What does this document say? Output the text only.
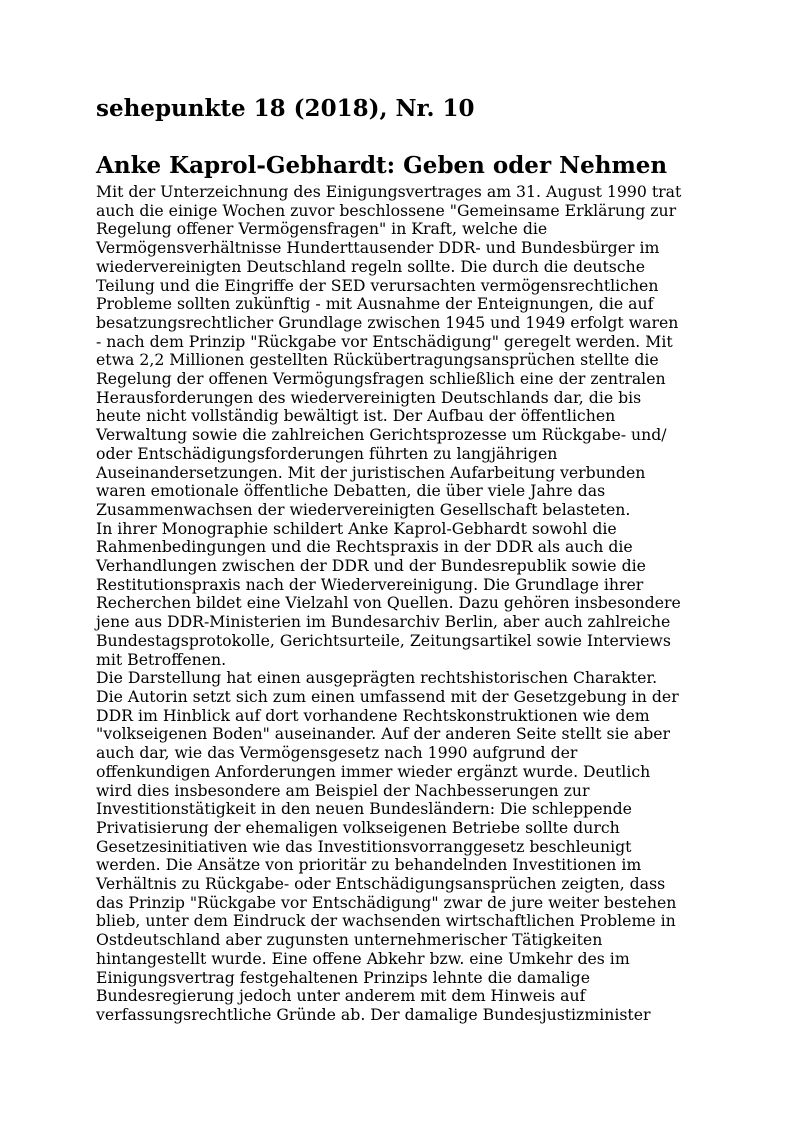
sehepunkte 18 (2018), Nr. 10
Anke Kaprol-Gebhardt: Geben oder Nehmen
Mit der Unterzeichnung des Einigungsvertrages am 31. August 1990 trat
auch die einige Wochen zuvor beschlossene "Gemeinsame Erklärung zur
Regelung offener Vermögensfragen" in Kraft, welche die
Vermögensverhältnisse Hunderttausender DDR- und Bundesbürger im
wiedervereinigten Deutschland regeln sollte. Die durch die deutsche
Teilung und die Eingriffe der SED verursachten vermögensrechtlichen
Probleme sollten zukünftig - mit Ausnahme der Enteignungen, die auf
besatzungsrechtlicher Grundlage zwischen 1945 und 1949 erfolgt waren
- nach dem Prinzip "Rückgabe vor Entschädigung" geregelt werden. Mit
etwa 2,2 Millionen gestellten Rückübertragungsansprüchen stellte die
Regelung der offenen Vermögungsfragen schließlich eine der zentralen
Herausforderungen des wiedervereinigten Deutschlands dar, die bis
heute nicht vollständig bewältigt ist. Der Aufbau der öffentlichen
Verwaltung sowie die zahlreichen Gerichtsprozesse um Rückgabe- und/
oder Entschädigungsforderungen führten zu langjährigen
Auseinandersetzungen. Mit der juristischen Aufarbeitung verbunden
waren emotionale öffentliche Debatten, die über viele Jahre das
Zusammenwachsen der wiedervereinigten Gesellschaft belasteten.
In ihrer Monographie schildert Anke Kaprol-Gebhardt sowohl die
Rahmenbedingungen und die Rechtspraxis in der DDR als auch die
Verhandlungen zwischen der DDR und der Bundesrepublik sowie die
Restitutionspraxis nach der Wiedervereinigung. Die Grundlage ihrer
Recherchen bildet eine Vielzahl von Quellen. Dazu gehören insbesondere
jene aus DDR-Ministerien im Bundesarchiv Berlin, aber auch zahlreiche
Bundestagsprotokolle, Gerichtsurteile, Zeitungsartikel sowie Interviews
mit Betroffenen.
Die Darstellung hat einen ausgeprägten rechtshistorischen Charakter.
Die Autorin setzt sich zum einen umfassend mit der Gesetzgebung in der
DDR im Hinblick auf dort vorhandene Rechtskonstruktionen wie dem
"volkseigenen Boden" auseinander. Auf der anderen Seite stellt sie aber
auch dar, wie das Vermögensgesetz nach 1990 aufgrund der
offenkundigen Anforderungen immer wieder ergänzt wurde. Deutlich
wird dies insbesondere am Beispiel der Nachbesserungen zur
Investitionstätigkeit in den neuen Bundesländern: Die schleppende
Privatisierung der ehemaligen volkseigenen Betriebe sollte durch
Gesetzesinitiativen wie das Investitionsvorranggesetz beschleunigt
werden. Die Ansätze von prioritär zu behandelnden Investitionen im
Verhältnis zu Rückgabe- oder Entschädigungsansprüchen zeigten, dass
das Prinzip "Rückgabe vor Entschädigung" zwar de jure weiter bestehen
blieb, unter dem Eindruck der wachsenden wirtschaftlichen Probleme in
Ostdeutschland aber zugunsten unternehmerischer Tätigkeiten
hintangestellt wurde. Eine offene Abkehr bzw. eine Umkehr des im
Einigungsvertrag festgehaltenen Prinzips lehnte die damalige
Bundesregierung jedoch unter anderem mit dem Hinweis auf
verfassungsrechtliche Gründe ab. Der damalige Bundesjustizminister
